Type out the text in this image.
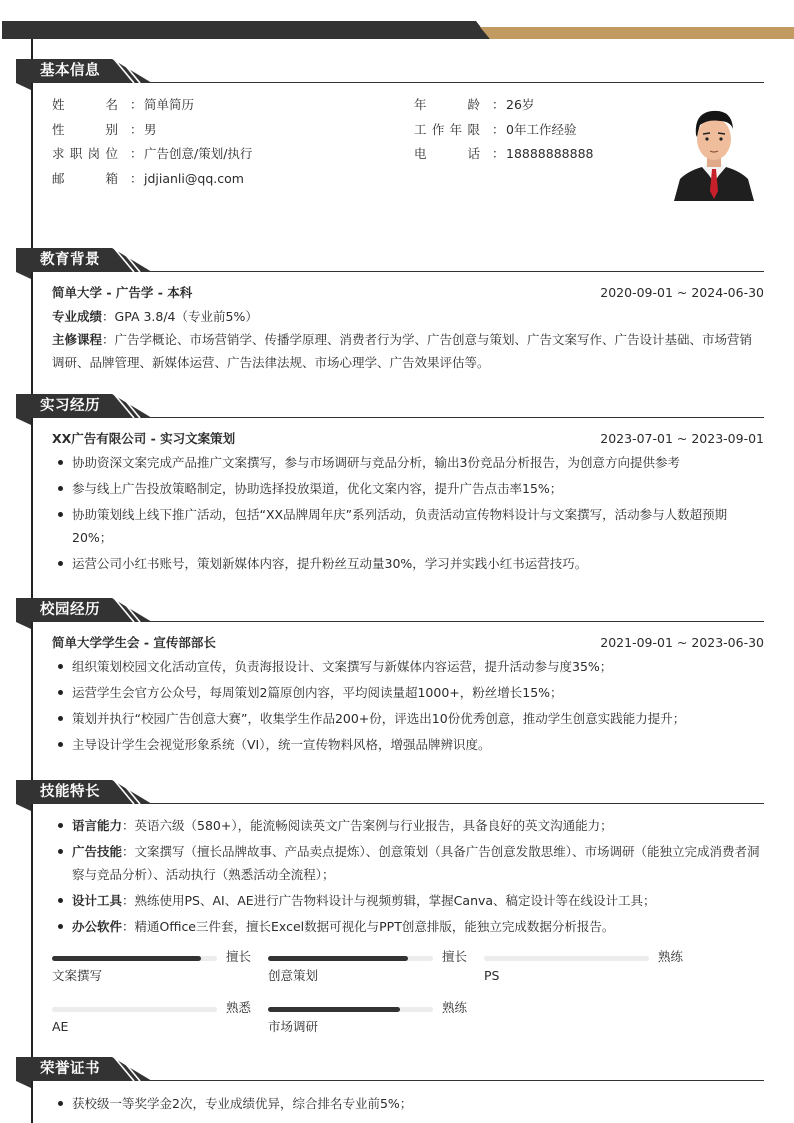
基本信息
姓	名 ： 简单简历
性	别 ： 男
求 职 岗 位 ： 广告创意/策划/执行
邮	箱 ： jdjianli@qq.com
年	龄 ： 26岁
工 作 年 限 ： 0年工作经验
电	话 ： 18888888888
教育背景
简单大学 - 广告学 - 本科	2020-09-01 ~ 2024-06-30
专业成绩：GPA 3.8/4（专业前5%）
主修课程：广告学概论、市场营销学、传播学原理、消费者行为学、广告创意与策划、广告文案写作、广告设计基础、市场营销调研、品牌管理、新媒体运营、广告法律法规、市场心理学、广告效果评估等。
实习经历
XX广告有限公司 - 实习文案策划	2023-07-01 ~ 2023-09-01
协助资深文案完成产品推广文案撰写，参与市场调研与竞品分析，输出3份竞品分析报告，为创意方向提供参考
参与线上广告投放策略制定，协助选择投放渠道，优化文案内容，提升广告点击率15%；
协助策划线上线下推广活动，包括“XX品牌周年庆”系列活动，负责活动宣传物料设计与文案撰写，活动参与人数超预期20%；
运营公司小红书账号，策划新媒体内容，提升粉丝互动量30%，学习并实践小红书运营技巧。
校园经历
简单大学学生会 - 宣传部部长	2021-09-01 ~ 2023-06-30
组织策划校园文化活动宣传，负责海报设计、文案撰写与新媒体内容运营，提升活动参与度35%；
运营学生会官方公众号，每周策划2篇原创内容，平均阅读量超1000+，粉丝增长15%；
策划并执行“校园广告创意大赛”，收集学生作品200+份，评选出10份优秀创意，推动学生创意实践能力提升；
主导设计学生会视觉形象系统（VI），统一宣传物料风格，增强品牌辨识度。
技能特长
语言能力：英语六级（580+），能流畅阅读英文广告案例与行业报告，具备良好的英文沟通能力；
广告技能：文案撰写（擅长品牌故事、产品卖点提炼）、创意策划（具备广告创意发散思维）、市场调研（能独立完成消费者洞察与竞品分析）、活动执行（熟悉活动全流程）；
设计工具：熟练使用PS、AI、AE进行广告物料设计与视频剪辑，掌握Canva、稿定设计等在线设计工具；
办公软件：精通Office三件套，擅长Excel数据可视化与PPT创意排版，能独立完成数据分析报告。
擅长
文案撰写
擅长
创意策划
熟练
PS
熟悉
AE
熟练
市场调研
荣誉证书
获校级一等奖学金2次，专业成绩优异，综合排名专业前5%；
